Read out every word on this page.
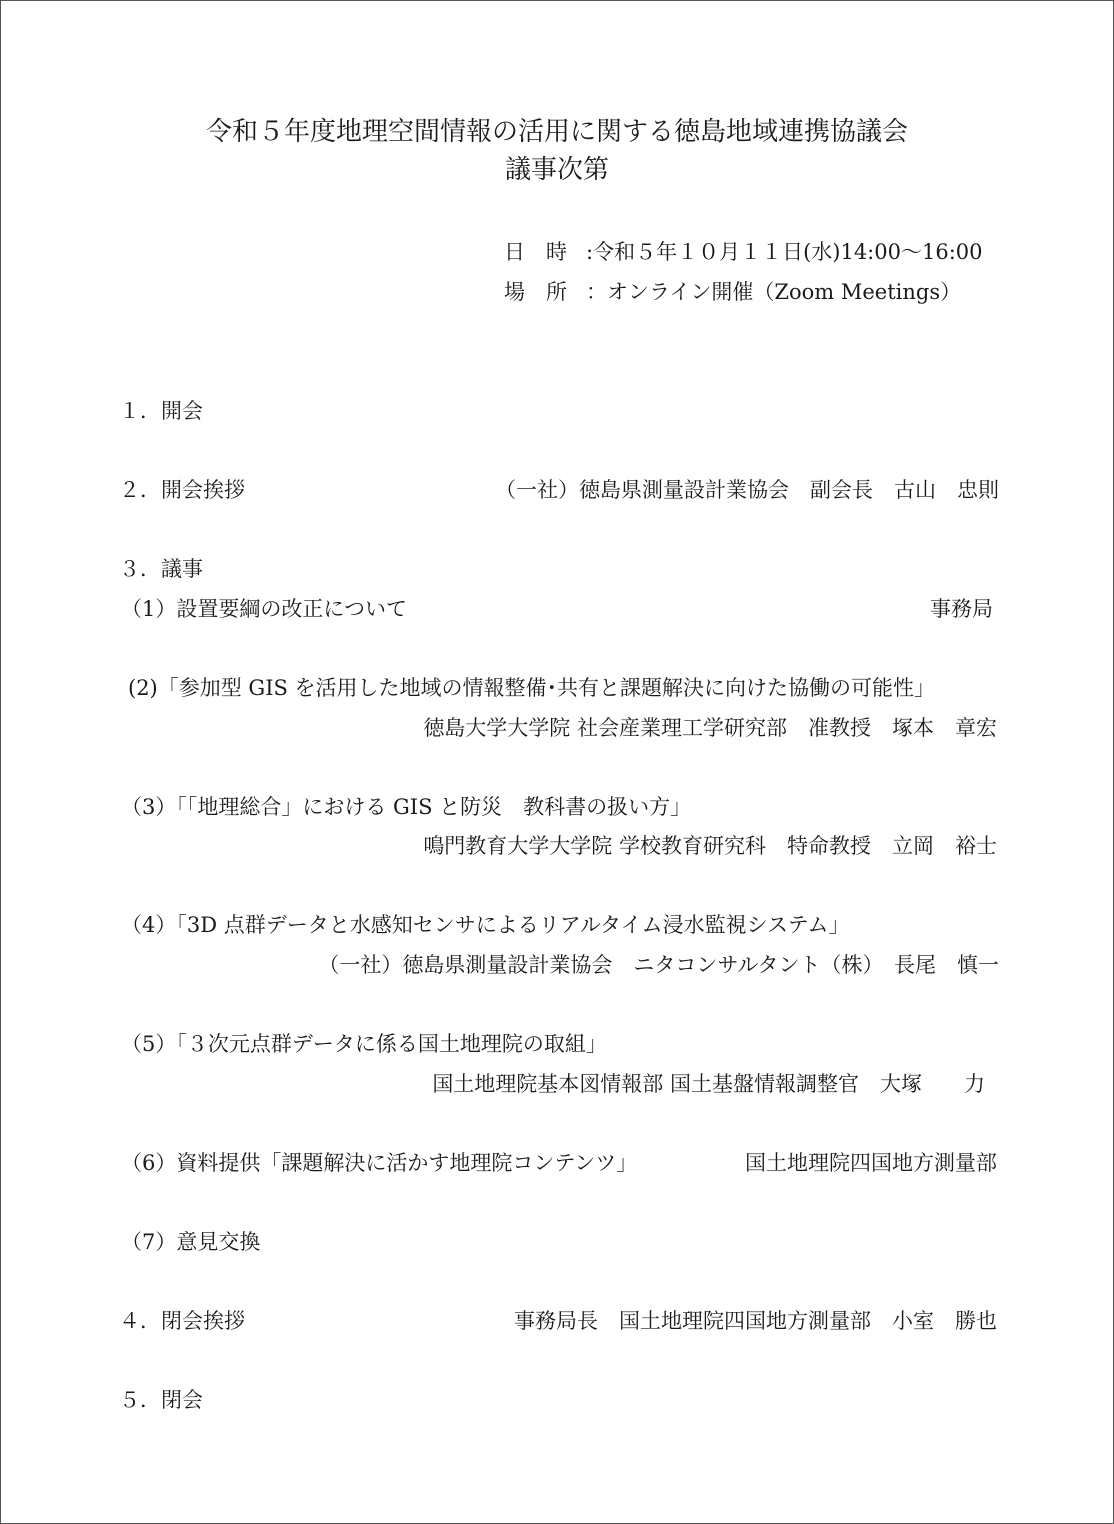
令和５年度地理空間情報の活用に関する徳島地域連携協議会
議事次第
日　時 :令和５年１０月１１日(水)14:00～16:00
場　所 ：オンライン開催（Zoom Meetings）
１．開会
２．開会挨拶	（一社）徳島県測量設計業協会　副会長　古山　忠則
３．議事
（1）設置要綱の改正について	事務局
(2)「参加型 GIS を活用した地域の情報整備･共有と課題解決に向けた協働の可能性」
徳島大学大学院 社会産業理工学研究部　准教授　塚本　章宏
（3）「｢地理総合」における GIS と防災　教科書の扱い方」
鳴門教育大学大学院 学校教育研究科　特命教授　立岡　裕士
（4）「3D 点群データと水感知センサによるリアルタイム浸水監視システム」
（一社）徳島県測量設計業協会　ニタコンサルタント（株）　長尾　慎一
（5）「３次元点群データに係る国土地理院の取組」
国土地理院基本図情報部 国土基盤情報調整官　大塚　　力
（6）資料提供「課題解決に活かす地理院コンテンツ」	国土地理院四国地方測量部
（7）意見交換
４．閉会挨拶	事務局長　国土地理院四国地方測量部　小室　勝也
５．閉会
